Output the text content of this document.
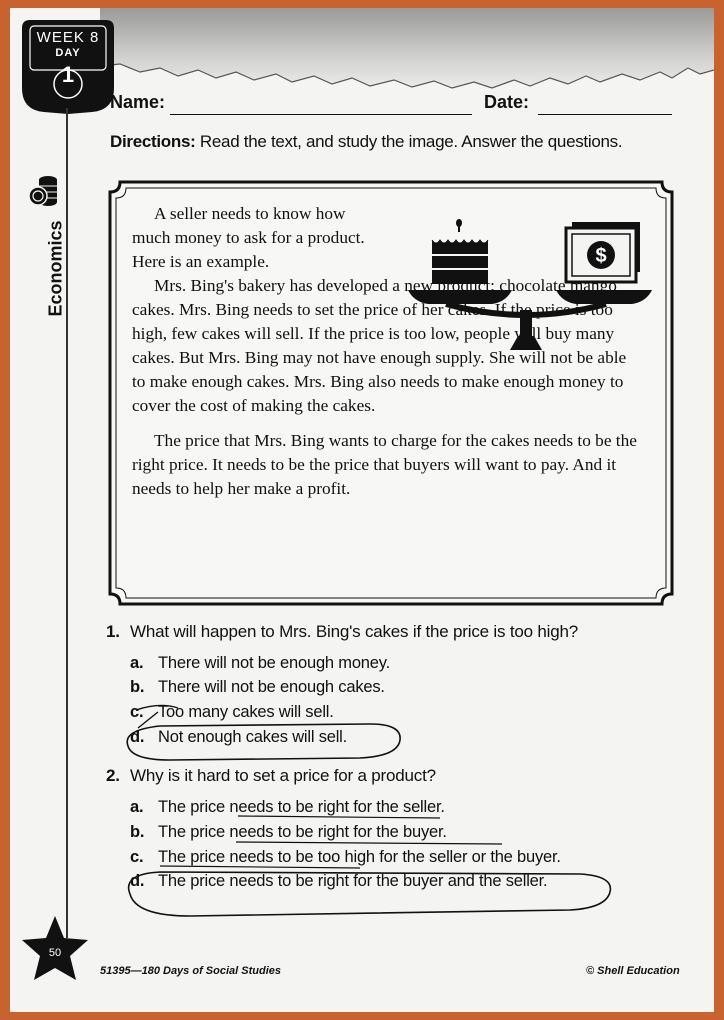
WEEK 8
DAY
1
Economics
Name:	Date:
Directions: Read the text, and study the image. Answer the questions.
$

A seller needs to know how much money to ask for a product. Here is an example.

Mrs. Bing's bakery has developed a new product: chocolate mango cakes. Mrs. Bing needs to set the price of her cakes. If the price is too high, few cakes will sell. If the price is too low, people will buy many cakes. But Mrs. Bing may not have enough supply. She will not be able to make enough cakes. Mrs. Bing also needs to make enough money to cover the cost of making the cakes.

The price that Mrs. Bing wants to charge for the cakes needs to be the right price. It needs to be the price that buyers will want to pay. And it needs to help her make a profit.

1. What will happen to Mrs. Bing's cakes if the price is too high?
a. There will not be enough money.
b. There will not be enough cakes.
c. Too many cakes will sell.
d. Not enough cakes will sell.
2. Why is it hard to set a price for a product?
a. The price needs to be right for the seller.
b. The price needs to be right for the buyer.
c. The price needs to be too high for the seller or the buyer.
d. The price needs to be right for the buyer and the seller.
50
51395—180 Days of Social Studies	© Shell Education
